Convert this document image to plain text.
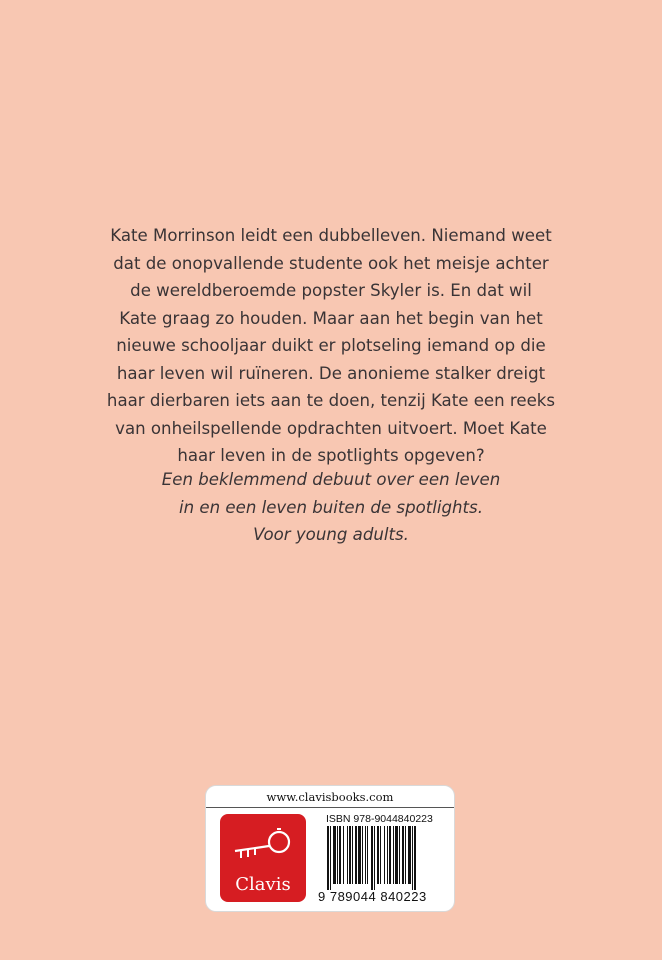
Kate Morrinson leidt een dubbelleven. Niemand weet
dat de onopvallende studente ook het meisje achter
de wereldberoemde popster Skyler is. En dat wil
Kate graag zo houden. Maar aan het begin van het
nieuwe schooljaar duikt er plotseling iemand op die
haar leven wil ruïneren. De anonieme stalker dreigt
haar dierbaren iets aan te doen, tenzij Kate een reeks
van onheilspellende opdrachten uitvoert. Moet Kate
haar leven in de spotlights opgeven?

Een beklemmend debuut over een leven
in en een leven buiten de spotlights.
Voor young adults.
www.clavisbooks.com
Clavis
ISBN 978-9044840223
9 789044 840223
